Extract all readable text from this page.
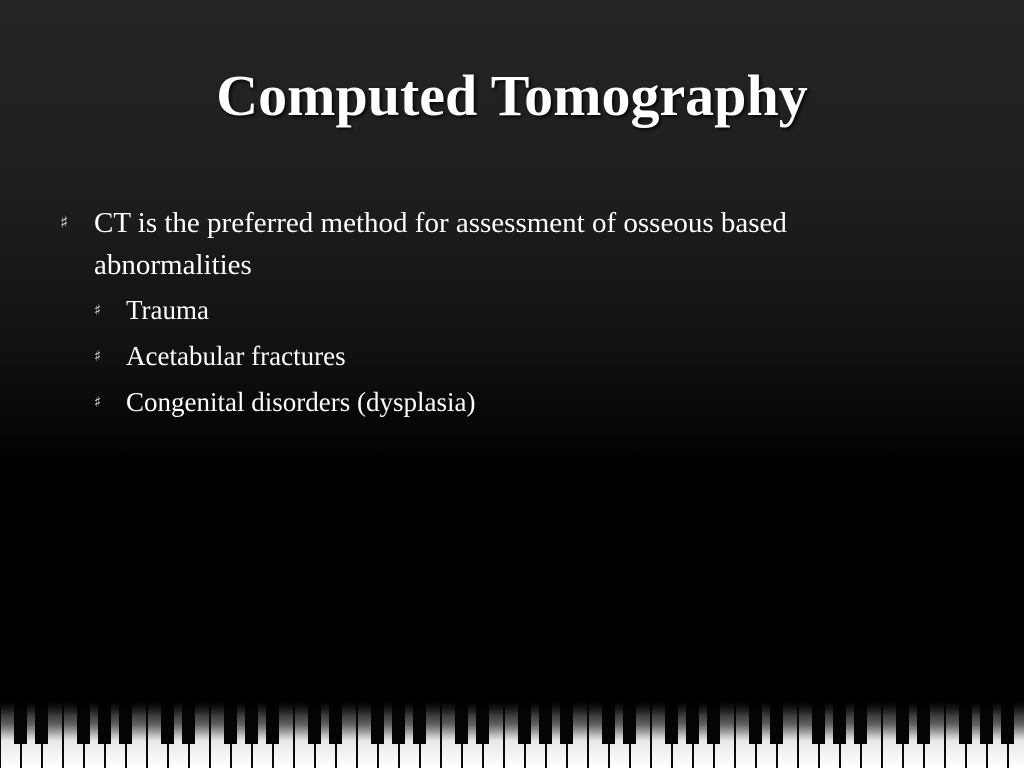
Computed Tomography

♯ CT is the preferred method for assessment of osseous based abnormalities

♯ Trauma

♯ Acetabular fractures

♯ Congenital disorders (dysplasia)
